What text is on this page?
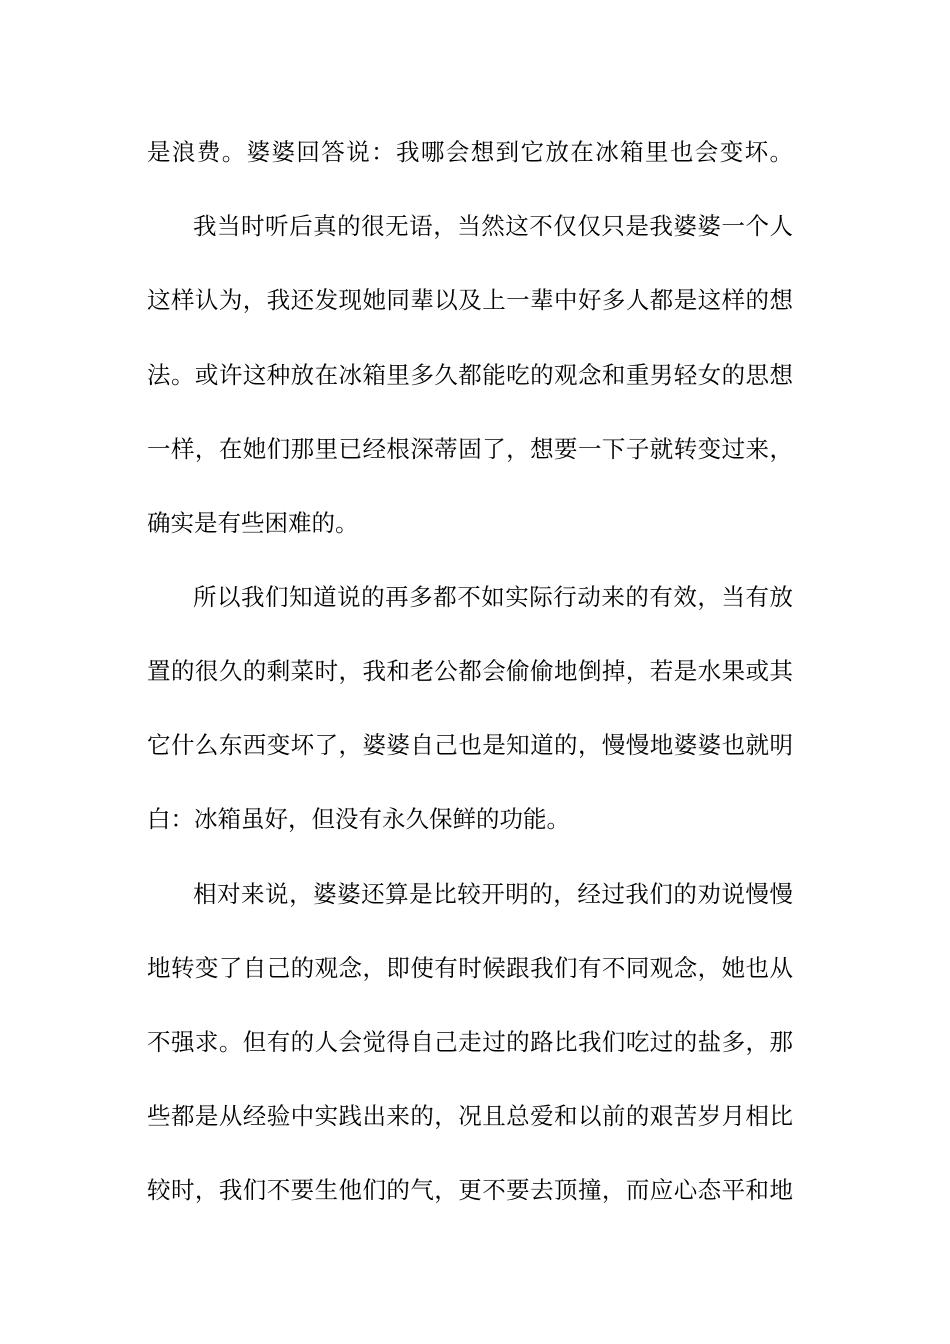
是浪费。婆婆回答说：我哪会想到它放在冰箱里也会变坏。
我当时听后真的很无语，当然这不仅仅只是我婆婆一个人
这样认为，我还发现她同辈以及上一辈中好多人都是这样的想
法。或许这种放在冰箱里多久都能吃的观念和重男轻女的思想
一样，在她们那里已经根深蒂固了，想要一下子就转变过来，
确实是有些困难的。
所以我们知道说的再多都不如实际行动来的有效，当有放
置的很久的剩菜时，我和老公都会偷偷地倒掉，若是水果或其
它什么东西变坏了，婆婆自己也是知道的，慢慢地婆婆也就明
白：冰箱虽好，但没有永久保鲜的功能。
相对来说，婆婆还算是比较开明的，经过我们的劝说慢慢
地转变了自己的观念，即使有时候跟我们有不同观念，她也从
不强求。但有的人会觉得自己走过的路比我们吃过的盐多，那
些都是从经验中实践出来的，况且总爱和以前的艰苦岁月相比
较时，我们不要生他们的气，更不要去顶撞，而应心态平和地
